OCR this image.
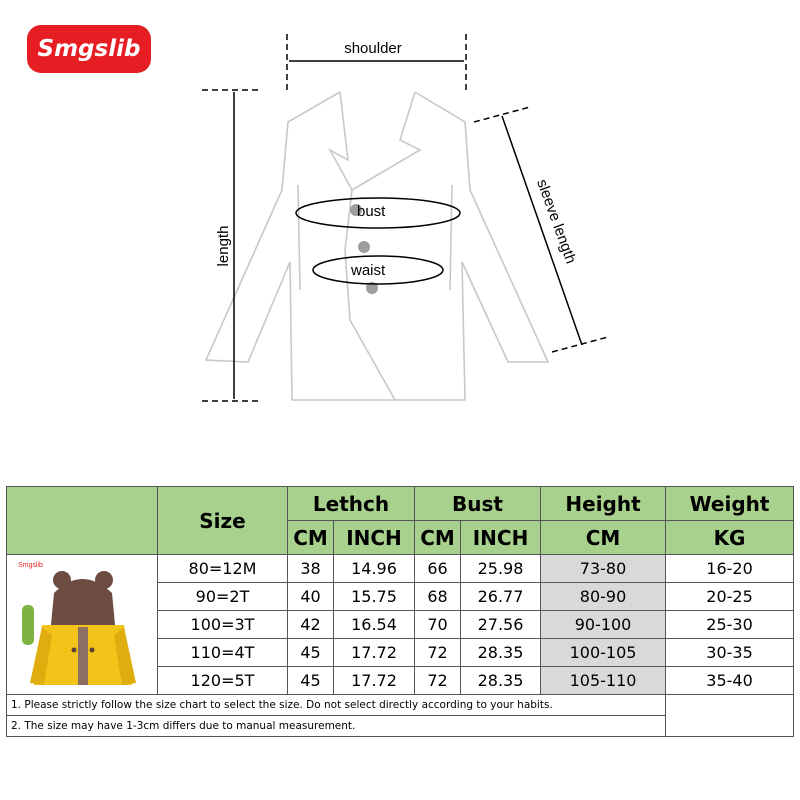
Smgslib	shoulder
bust
waist
length	sleeve length
	Size	Lethch		Bust		Height	Weight
		CM	INCH	CM	INCH	CM	KG

Smgslib	80=12M	38	14.96	66	25.98	73-80	16-20
	90=2T	40	15.75	68	26.77	80-90	20-25
	100=3T	42	16.54	70	27.56	90-100	25-30
	110=4T	45	17.72	72	28.35	100-105	30-35
	120=5T	45	17.72	72	28.35	105-110	35-40
1. Please strictly follow the size chart to select the size. Do not select directly according to your habits.							
2. The size may have 1-3cm differs due to manual measurement.							
